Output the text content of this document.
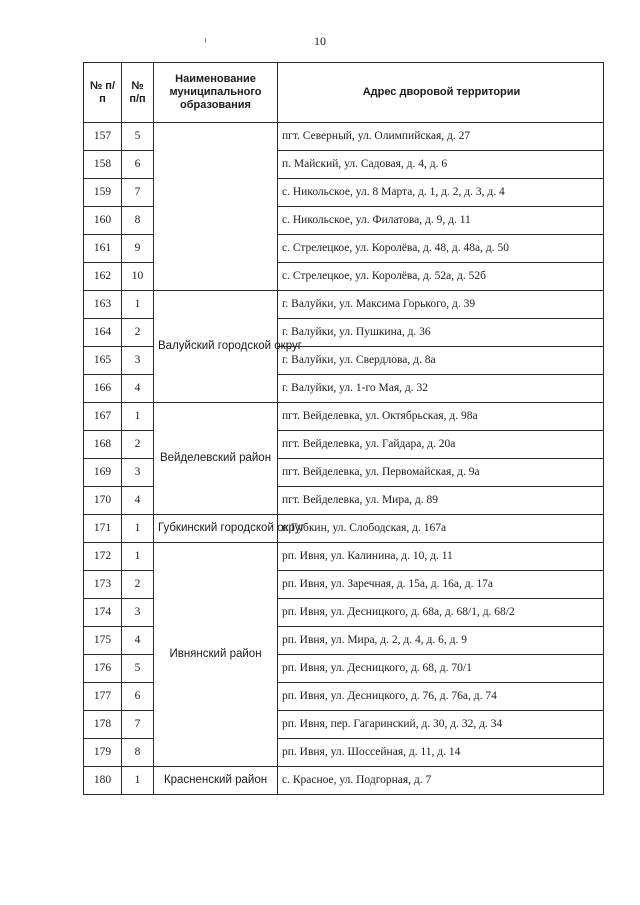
10
№ п/п	№ п/п	Наименование муниципального образования	Адрес дворовой территории
157	5		пгт. Северный, ул. Олимпийская, д. 27
158	6		п. Майский, ул. Садовая, д. 4, д. 6
159	7		с. Никольское, ул. 8 Марта, д. 1, д. 2, д. 3, д. 4
160	8		с. Никольское, ул. Филатова, д. 9, д. 11
161	9		с. Стрелецкое, ул. Королёва, д. 48, д. 48а, д. 50
162	10		с. Стрелецкое, ул. Королёва, д. 52а, д. 52б
163	1	Валуйский городской округ	г. Валуйки, ул. Максима Горького, д. 39
164	2		г. Валуйки, ул. Пушкина, д. 36
165	3		г. Валуйки, ул. Свердлова, д. 8а
166	4		г. Валуйки, ул. 1-го Мая, д. 32
167	1	Вейделевский район	пгт. Вейделевка, ул. Октябрьская, д. 98а
168	2		пгт. Вейделевка, ул. Гайдара, д. 20а
169	3		пгт. Вейделевка, ул. Первомайская, д. 9а
170	4		пгт. Вейделевка, ул. Мира, д. 89
171	1	Губкинский городской округ	г. Губкин, ул. Слободская, д. 167а
172	1	Ивнянский район	рп. Ивня, ул. Калинина, д. 10, д. 11
173	2		рп. Ивня, ул. Заречная, д. 15а, д. 16а, д. 17а
174	3		рп. Ивня, ул. Десницкого, д. 68а, д. 68/1, д. 68/2
175	4		рп. Ивня, ул. Мира, д. 2, д. 4, д. 6, д. 9
176	5		рп. Ивня, ул. Десницкого, д. 68, д. 70/1
177	6		рп. Ивня, ул. Десницкого, д. 76, д. 76а, д. 74
178	7		рп. Ивня, пер. Гагаринский, д. 30, д. 32, д. 34
179	8		рп. Ивня, ул. Шоссейная, д. 11, д. 14
180	1	Красненский район	с. Красное, ул. Подгорная, д. 7
